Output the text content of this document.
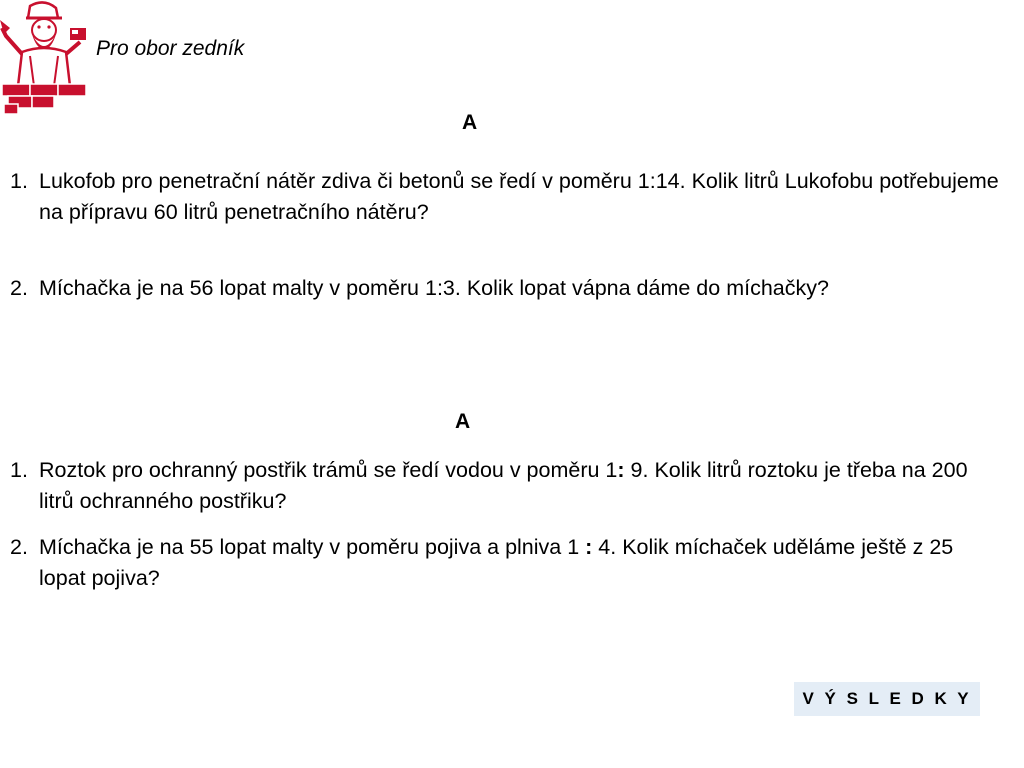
Pro obor zedník
A
1. Lukofob pro penetrační nátěr zdiva či betonů se ředí v poměru 1:14. Kolik litrů Lukofobu potřebujeme na přípravu 60 litrů penetračního nátěru?
2. Míchačka je na 56 lopat malty v poměru 1:3. Kolik lopat vápna dáme do míchačky?
A
1. Roztok pro ochranný postřik trámů se ředí vodou v poměru 1: 9. Kolik litrů roztoku je třeba na 200 litrů ochranného postřiku?
2. Míchačka je na 55 lopat malty v poměru pojiva a plniva 1 : 4. Kolik míchaček uděláme ještě z 25 lopat pojiva?
V Ý S L E D K Y
